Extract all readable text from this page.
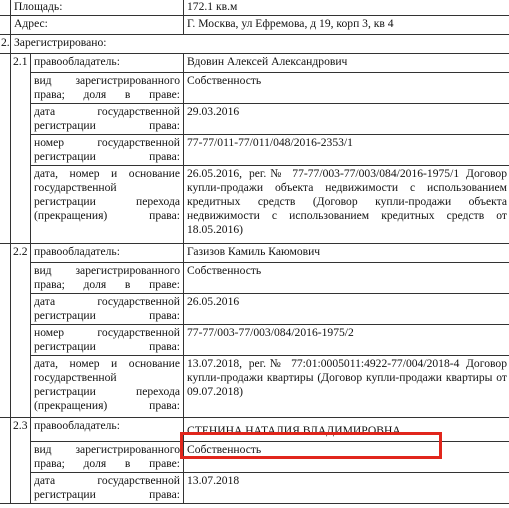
	Площадь:		172.1 кв.м
	Адрес:		Г. Москва, ул Ефремова, д 19, корп 3, кв 4
2.	Зарегистрировано:		
	2.1	правообладатель:	Вдовин Алексей Александрович
		вид зарегистрированного права; доля в праве:	Собственность
		дата государственной регистрации права:	29.03.2016
		номер государственной регистрации права:	77-77/011-77/011/048/2016-2353/1
		дата, номер и основание государственной регистрации перехода (прекращения) права:	26.05.2016, рег.№ 77-77/003-77/003/084/2016-1975/1 Договор купли-продажи объекта недвижимости с использованием кредитных средств (Договор купли-продажи объекта недвижимости с использованием кредитных средств от 18.05.2016)
	2.2	правообладатель:	Газизов Камиль Каюмович
		вид зарегистрированного права; доля в праве:	Собственность
		дата государственной регистрации права:	26.05.2016
		номер государственной регистрации права:	77-77/003-77/003/084/2016-1975/2
		дата, номер и основание государственной регистрации перехода (прекращения) права:	13.07.2018, рег.№ 77:01:0005011:4922-77/004/2018-4 Договор купли-продажи квартиры (Договор купли-продажи квартиры от 09.07.2018)
	2.3	правообладатель:	СТЕНИНА НАТАЛИЯ ВЛАДИМИРОВНА
		вид зарегистрированного права; доля в праве:	Собственность
		дата государственной регистрации права:	13.07.2018
